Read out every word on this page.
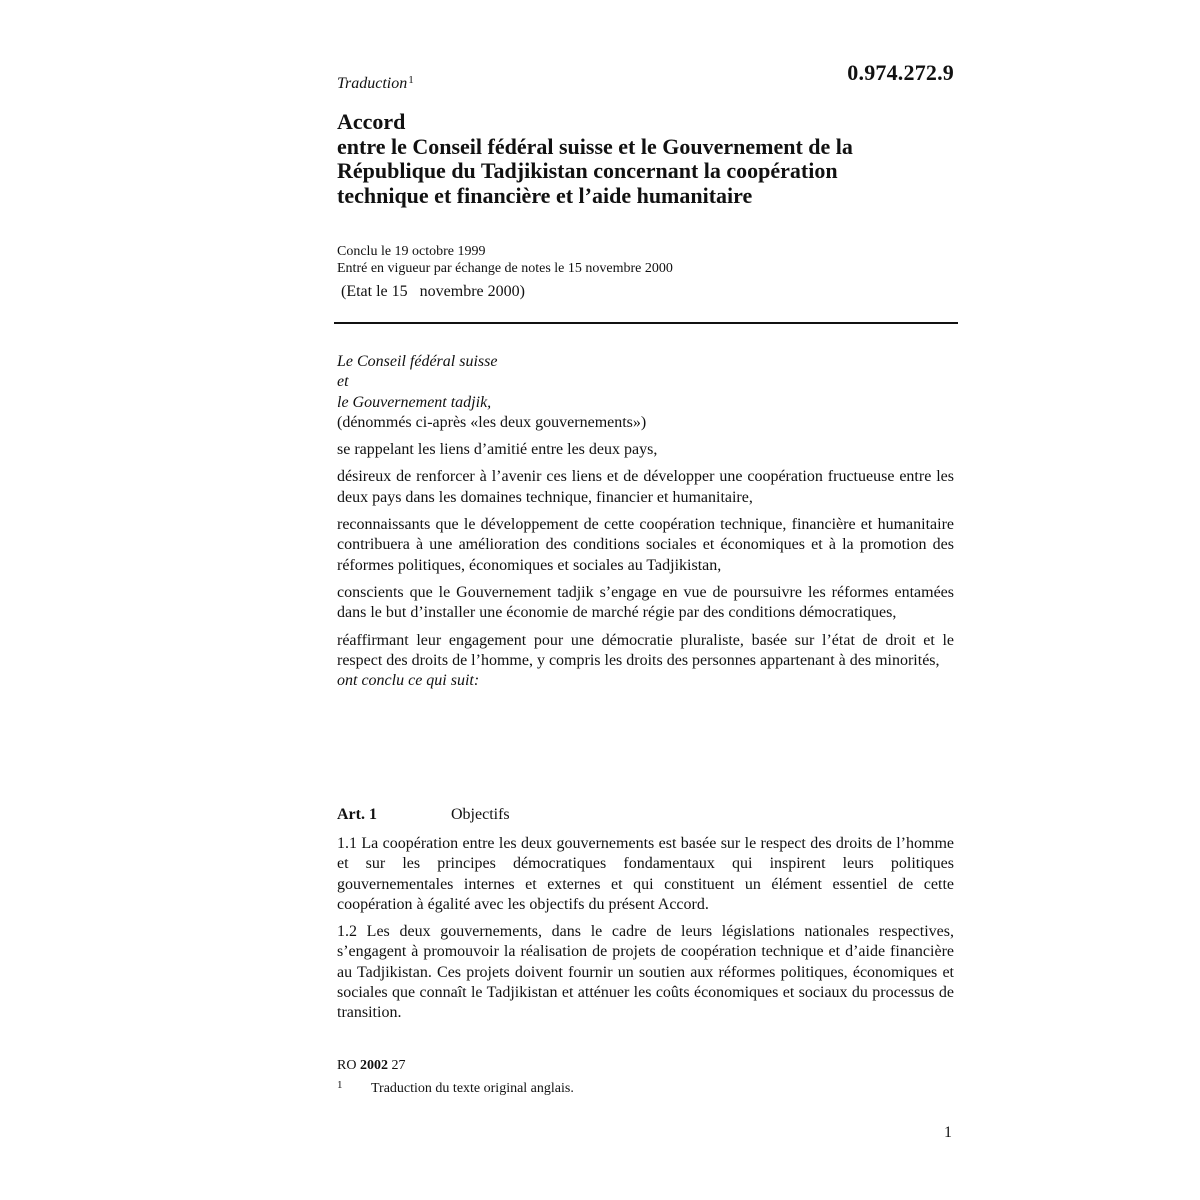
Traduction$^1$	0.974.272.9
Accord
entre le Conseil fédéral suisse et le Gouvernement de la
République du Tadjikistan concernant la coopération
technique et financière et l’aide humanitaire
Conclu le 19 octobre 1999
Entré en vigueur par échange de notes le 15 novembre 2000
(Etat le 15   novembre 2000)

Le Conseil fédéral suisse

et

le Gouvernement tadjik,

(dénommés ci-après «les deux gouvernements»)

se rappelant les liens d’amitié entre les deux pays,

désireux de renforcer à l’avenir ces liens et de développer une coopération fructueuse entre les deux pays dans les domaines technique, financier et humanitaire,

reconnaissants que le développement de cette coopération technique, financière et humanitaire contribuera à une amélioration des conditions sociales et économiques et à la promotion des réformes politiques, économiques et sociales au Tadjikistan,

conscients que le Gouvernement tadjik s’engage en vue de poursuivre les réformes entamées dans le but d’installer une économie de marché régie par des conditions démocratiques,

réaffirmant leur engagement pour une démocratie pluraliste, basée sur l’état de droit et le respect des droits de l’homme, y compris les droits des personnes appartenant à des minorités,

ont conclu ce qui suit:

Art. 1	Objectifs

1.1 La coopération entre les deux gouvernements est basée sur le respect des droits de l’homme et sur les principes démocratiques fondamentaux qui inspirent leurs politiques gouvernementales internes et externes et qui constituent un élément essentiel de cette coopération à égalité avec les objectifs du présent Accord.

1.2 Les deux gouvernements, dans le cadre de leurs législations nationales respectives, s’engagent à promouvoir la réalisation de projets de coopération technique et d’aide financière au Tadjikistan. Ces projets doivent fournir un soutien aux réformes politiques, économiques et sociales que connaît le Tadjikistan et atténuer les coûts économiques et sociaux du processus de transition.

RO 2002 27
1 Traduction du texte original anglais.
1
